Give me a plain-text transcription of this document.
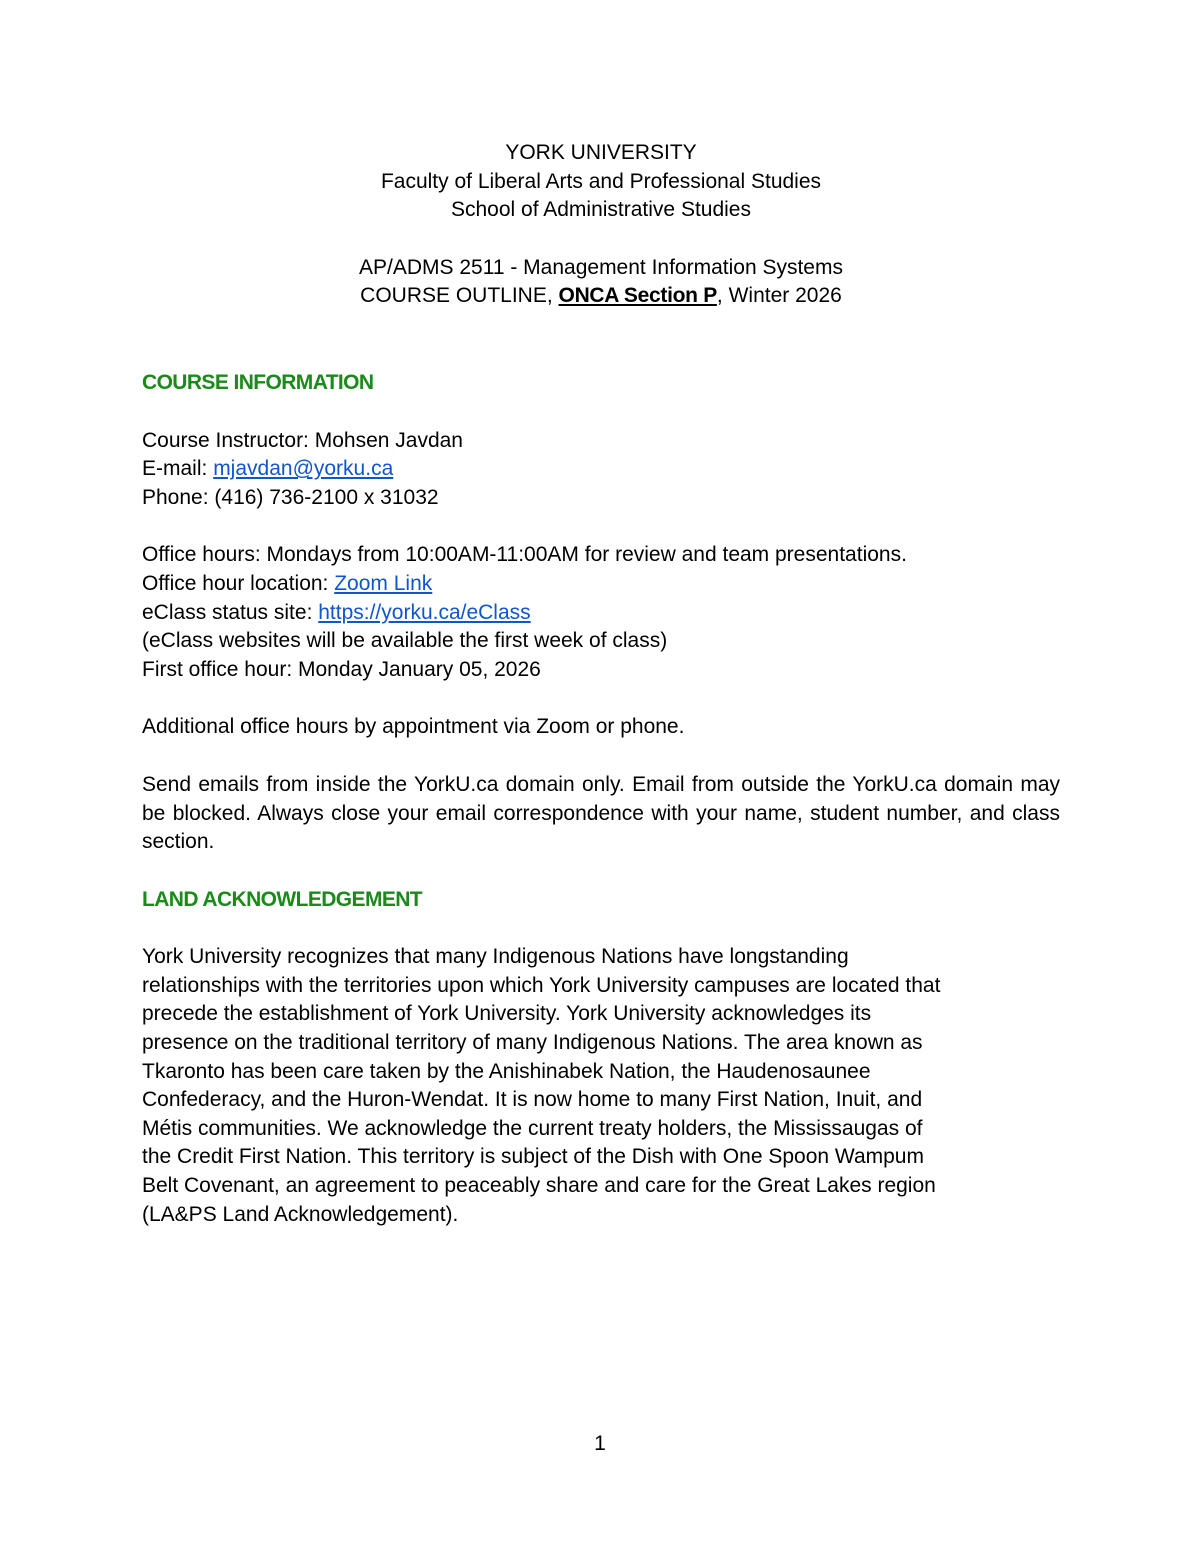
YORK UNIVERSITY

Faculty of Liberal Arts and Professional Studies

School of Administrative Studies

AP/ADMS 2511 - Management Information Systems

COURSE OUTLINE, ONCA Section P, Winter 2026

COURSE INFORMATION

Course Instructor: Mohsen Javdan

E-mail: mjavdan@yorku.ca

Phone: (416) 736-2100 x 31032

Office hours: Mondays from 10:00AM-11:00AM for review and team presentations.

Office hour location: Zoom Link

eClass status site: https://yorku.ca/eClass

(eClass websites will be available the first week of class)

First office hour: Monday January 05, 2026

Additional office hours by appointment via Zoom or phone.

Send emails from inside the YorkU.ca domain only. Email from outside the YorkU.ca domain may be blocked. Always close your email correspondence with your name, student number, and class section.

LAND ACKNOWLEDGEMENT

York University recognizes that many Indigenous Nations have longstanding

relationships with the territories upon which York University campuses are located that

precede the establishment of York University. York University acknowledges its

presence on the traditional territory of many Indigenous Nations. The area known as

Tkaronto has been care taken by the Anishinabek Nation, the Haudenosaunee

Confederacy, and the Huron-Wendat. It is now home to many First Nation, Inuit, and

Métis communities. We acknowledge the current treaty holders, the Mississaugas of

the Credit First Nation. This territory is subject of the Dish with One Spoon Wampum

Belt Covenant, an agreement to peaceably share and care for the Great Lakes region

(LA&PS Land Acknowledgement).

1
